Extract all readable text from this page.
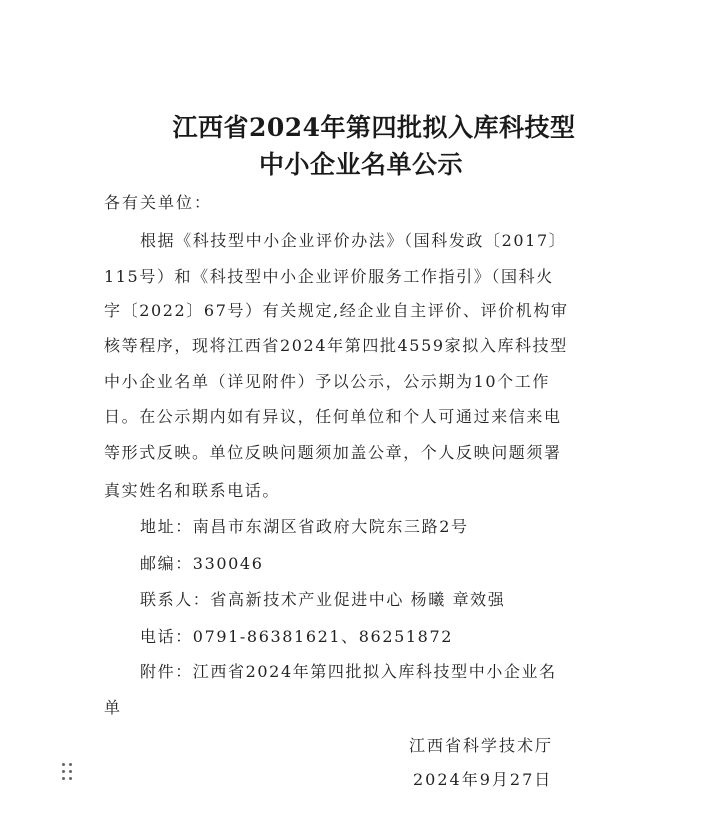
江西省2024年第四批拟入库科技型
中小企业名单公示
各有关单位：
根据《科技型中小企业评价办法》（国科发政〔2017〕
115号）和《科技型中小企业评价服务工作指引》（国科火
字〔2022〕67号）有关规定,经企业自主评价、评价机构审
核等程序，现将江西省2024年第四批4559家拟入库科技型
中小企业名单（详见附件）予以公示，公示期为10个工作
日。在公示期内如有异议，任何单位和个人可通过来信来电
等形式反映。单位反映问题须加盖公章，个人反映问题须署
真实姓名和联系电话。
地址：南昌市东湖区省政府大院东三路2号
邮编：330046
联系人：省高新技术产业促进中心 杨曦 章效强
电话：0791-86381621、86251872
附件：江西省2024年第四批拟入库科技型中小企业名
单
江西省科学技术厅
2024年9月27日
